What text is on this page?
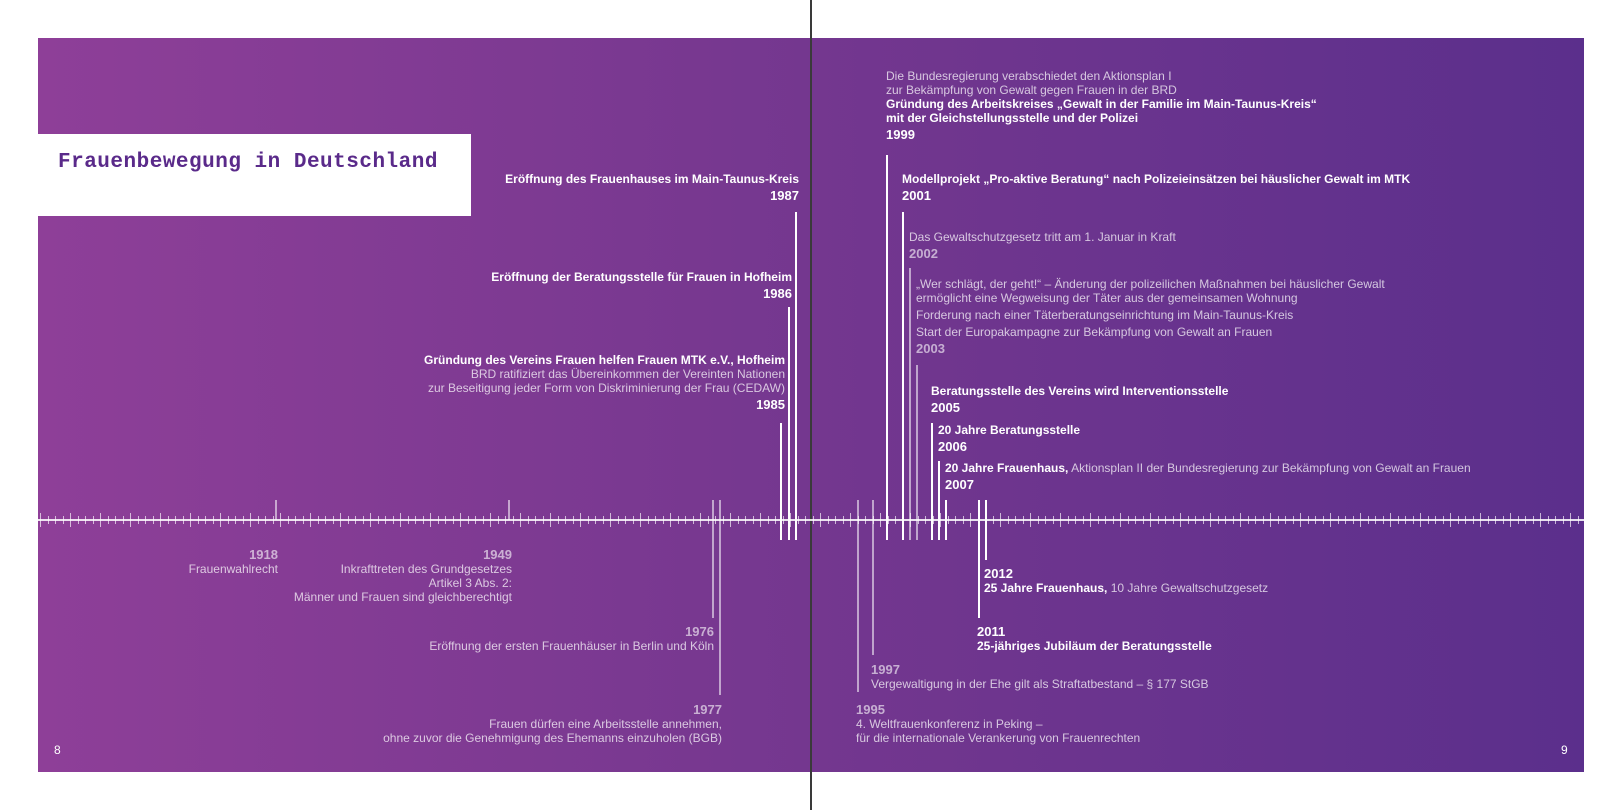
Frauenbewegung in Deutschland
1918
Frauenwahlrecht
1949
Inkrafttreten des Grundgesetzes
Artikel 3 Abs. 2:
Männer und Frauen sind gleichberechtigt
1976
Eröffnung der ersten Frauenhäuser in Berlin und Köln
1977
Frauen dürfen eine Arbeitsstelle annehmen,
ohne zuvor die Genehmigung des Ehemanns einzuholen (BGB)
1995
4. Weltfrauenkonferenz in Peking –
für die internationale Verankerung von Frauenrechten
1997
Vergewaltigung in der Ehe gilt als Straftatbestand – § 177 StGB
2011
25-jähriges Jubiläum der Beratungsstelle
2012
25 Jahre Frauenhaus, 10 Jahre Gewaltschutzgesetz
Eröffnung des Frauenhauses im Main-Taunus-Kreis
1987
Eröffnung der Beratungsstelle für Frauen in Hofheim
1986
Gründung des Vereins Frauen helfen Frauen MTK e.V., Hofheim
BRD ratifiziert das Übereinkommen der Vereinten Nationen
zur Beseitigung jeder Form von Diskriminierung der Frau (CEDAW)
1985
Die Bundesregierung verabschiedet den Aktionsplan I
zur Bekämpfung von Gewalt gegen Frauen in der BRD
Gründung des Arbeitskreises „Gewalt in der Familie im Main-Taunus-Kreis“
mit der Gleichstellungsstelle und der Polizei
1999
Modellprojekt „Pro-aktive Beratung“ nach Polizeieinsätzen bei häuslicher Gewalt im MTK
2001
Das Gewaltschutzgesetz tritt am 1. Januar in Kraft
2002
„Wer schlägt, der geht!“ – Änderung der polizeilichen Maßnahmen bei häuslicher Gewalt
ermöglicht eine Wegweisung der Täter aus der gemeinsamen Wohnung
Forderung nach einer Täterberatungseinrichtung im Main-Taunus-Kreis
Start der Europakampagne zur Bekämpfung von Gewalt an Frauen
2003
Beratungsstelle des Vereins wird Interventionsstelle
2005
20 Jahre Beratungsstelle
2006
20 Jahre Frauenhaus, Aktionsplan II der Bundesregierung zur Bekämpfung von Gewalt an Frauen
2007
8	9
